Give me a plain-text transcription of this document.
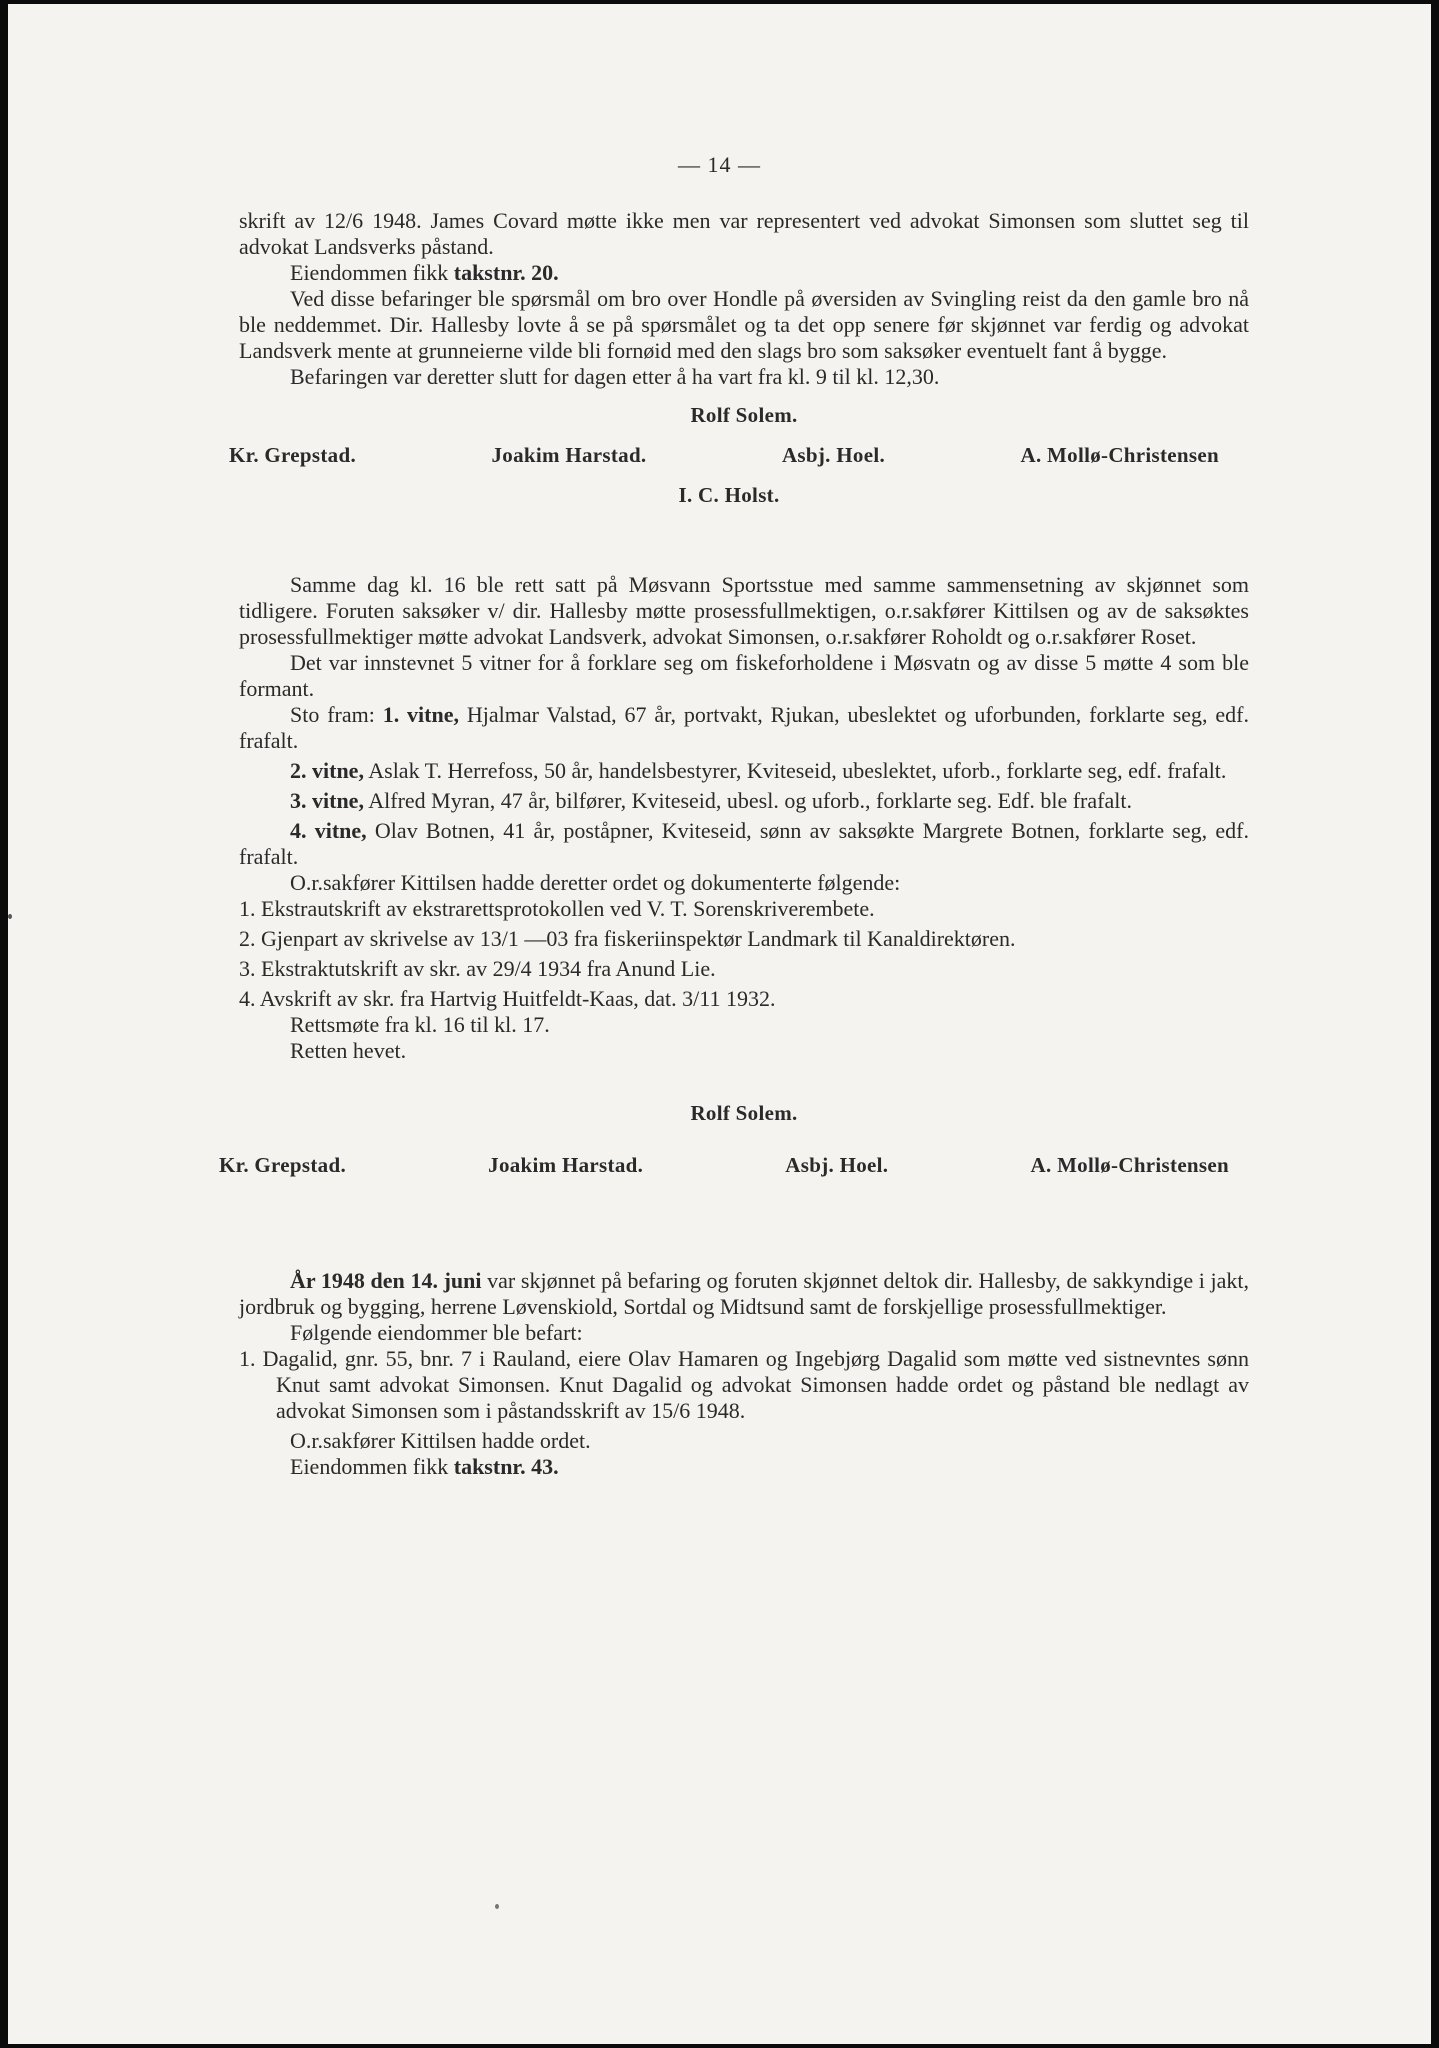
— 14 —

skrift av 12/6 1948. James Covard møtte ikke men var representert ved advokat Simonsen som sluttet seg til advokat Landsverks påstand.

Eiendommen fikk takstnr. 20.

Ved disse befaringer ble spørsmål om bro over Hondle på øversiden av Svingling reist da den gamle bro nå ble neddemmet. Dir. Hallesby lovte å se på spørsmålet og ta det opp senere før skjønnet var ferdig og advokat Landsverk mente at grunneierne vilde bli fornøid med den slags bro som saksøker eventuelt fant å bygge.

Befaringen var deretter slutt for dagen etter å ha vart fra kl. 9 til kl. 12,30.

Rolf Solem.
Kr. Grepstad.	Joakim Harstad.	Asbj. Hoel.	A. Mollø-Christensen
I. C. Holst.

Samme dag kl. 16 ble rett satt på Møsvann Sportsstue med samme sammensetning av skjønnet som tidligere. Foruten saksøker v/ dir. Hallesby møtte prosessfullmektigen, o.r.sakfører Kittilsen og av de saksøktes prosessfullmektiger møtte advokat Landsverk, advokat Simonsen, o.r.sakfører Roholdt og o.r.sakfører Roset.

Det var innstevnet 5 vitner for å forklare seg om fiskeforholdene i Møsvatn og av disse 5 møtte 4 som ble formant.

Sto fram: 1. vitne, Hjalmar Valstad, 67 år, portvakt, Rjukan, ubeslektet og uforbunden, forklarte seg, edf. frafalt.

2. vitne, Aslak T. Herrefoss, 50 år, handelsbestyrer, Kviteseid, ubeslektet, uforb., forklarte seg, edf. frafalt.

3. vitne, Alfred Myran, 47 år, bilfører, Kviteseid, ubesl. og uforb., forklarte seg. Edf. ble frafalt.

4. vitne, Olav Botnen, 41 år, poståpner, Kviteseid, sønn av saksøkte Margrete Botnen, forklarte seg, edf. frafalt.

O.r.sakfører Kittilsen hadde deretter ordet og dokumenterte følgende:

1. Ekstrautskrift av ekstrarettsprotokollen ved V. T. Sorenskriverembete.

2. Gjenpart av skrivelse av 13/1 —03 fra fiskeriinspektør Landmark til Kanaldirektøren.

3. Ekstraktutskrift av skr. av 29/4 1934 fra Anund Lie.

4. Avskrift av skr. fra Hartvig Huitfeldt-Kaas, dat. 3/11 1932.

Rettsmøte fra kl. 16 til kl. 17.

Retten hevet.

Rolf Solem.
Kr. Grepstad.	Joakim Harstad.	Asbj. Hoel.	A. Mollø-Christensen

År 1948 den 14. juni var skjønnet på befaring og foruten skjønnet deltok dir. Hallesby, de sakkyndige i jakt, jordbruk og bygging, herrene Løvenskiold, Sortdal og Midtsund samt de forskjellige prosessfullmektiger.

Følgende eiendommer ble befart:

1. Dagalid, gnr. 55, bnr. 7 i Rauland, eiere Olav Hamaren og Ingebjørg Dagalid som møtte ved sistnevntes sønn Knut samt advokat Simonsen. Knut Dagalid og advokat Simonsen hadde ordet og påstand ble nedlagt av advokat Simonsen som i påstandsskrift av 15/6 1948.

O.r.sakfører Kittilsen hadde ordet.

Eiendommen fikk takstnr. 43.
